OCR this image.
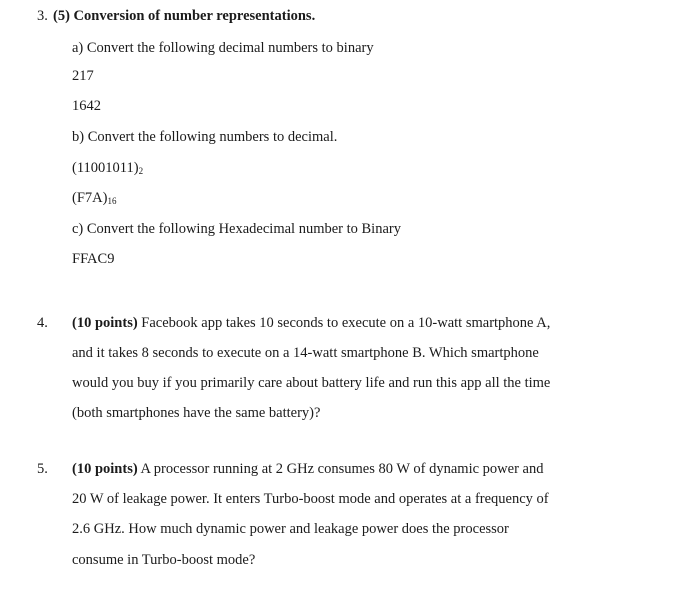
3. (5) Conversion of number representations.
a) Convert the following decimal numbers to binary
217
1642
b) Convert the following numbers to decimal.
$(11001011)_2$
$(F7A)_{16}$
c) Convert the following Hexadecimal number to Binary
FFAC9
4. (10 points) Facebook app takes 10 seconds to execute on a 10-watt smartphone A,
and it takes 8 seconds to execute on a 14-watt smartphone B. Which smartphone
would you buy if you primarily care about battery life and run this app all the time
(both smartphones have the same battery)?
5. (10 points) A processor running at 2 GHz consumes 80 W of dynamic power and
20 W of leakage power. It enters Turbo-boost mode and operates at a frequency of
2.6 GHz. How much dynamic power and leakage power does the processor
consume in Turbo-boost mode?
